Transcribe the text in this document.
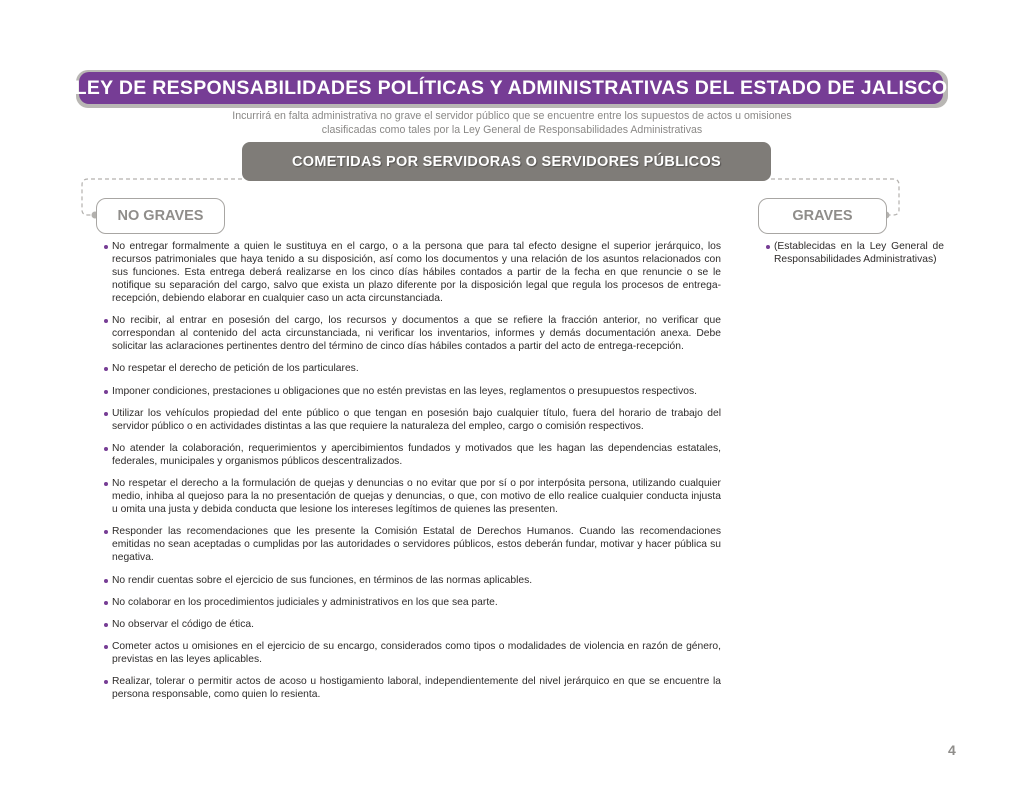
LEY DE RESPONSABILIDADES POLÍTICAS Y ADMINISTRATIVAS DEL ESTADO DE JALISCO
Incurrirá en falta administrativa no grave el servidor público que se encuentre entre los supuestos de actos u omisiones
clasificadas como tales por la Ley General de Responsabilidades Administrativas
COMETIDAS POR SERVIDORAS O SERVIDORES PÚBLICOS
NO GRAVES	GRAVES
No entregar formalmente a quien le sustituya en el cargo, o a la persona que para tal efecto designe el superior jerárquico, los recursos patrimoniales que haya tenido a su disposición, así como los documentos y una relación de los asuntos relacionados con sus funciones. Esta entrega deberá realizarse en los cinco días hábiles contados a partir de la fecha en que renuncie o se le notifique su separación del cargo, salvo que exista un plazo diferente por la disposición legal que regula los procesos de entrega-recepción, debiendo elaborar en cualquier caso un acta circunstanciada.
No recibir, al entrar en posesión del cargo, los recursos y documentos a que se refiere la fracción anterior, no verificar que correspondan al contenido del acta circunstanciada, ni verificar los inventarios, informes y demás documentación anexa. Debe solicitar las aclaraciones pertinentes dentro del término de cinco días hábiles contados a partir del acto de entrega-recepción.
No respetar el derecho de petición de los particulares.
Imponer condiciones, prestaciones u obligaciones que no estén previstas en las leyes, reglamentos o presupuestos respectivos.
Utilizar los vehículos propiedad del ente público o que tengan en posesión bajo cualquier título, fuera del horario de trabajo del servidor público o en actividades distintas a las que requiere la naturaleza del empleo, cargo o comisión respectivos.
No atender la colaboración, requerimientos y apercibimientos fundados y motivados que les hagan las dependencias estatales, federales, municipales y organismos públicos descentralizados.
No respetar el derecho a la formulación de quejas y denuncias o no evitar que por sí o por interpósita persona, utilizando cualquier medio, inhiba al quejoso para la no presentación de quejas y denuncias, o que, con motivo de ello realice cualquier conducta injusta u omita una justa y debida conducta que lesione los intereses legítimos de quienes las presenten.
Responder las recomendaciones que les presente la Comisión Estatal de Derechos Humanos. Cuando las recomendaciones emitidas no sean aceptadas o cumplidas por las autoridades o servidores públicos, estos deberán fundar, motivar y hacer pública su negativa.
No rendir cuentas sobre el ejercicio de sus funciones, en términos de las normas aplicables.
No colaborar en los procedimientos judiciales y administrativos en los que sea parte.
No observar el código de ética.
Cometer actos u omisiones en el ejercicio de su encargo, considerados como tipos o modalidades de violencia en razón de género, previstas en las leyes aplicables.
Realizar, tolerar o permitir actos de acoso u hostigamiento laboral, independientemente del nivel jerárquico en que se encuentre la persona responsable, como quien lo resienta.
(Establecidas en la Ley General de Responsabilidades Administrativas)
4
